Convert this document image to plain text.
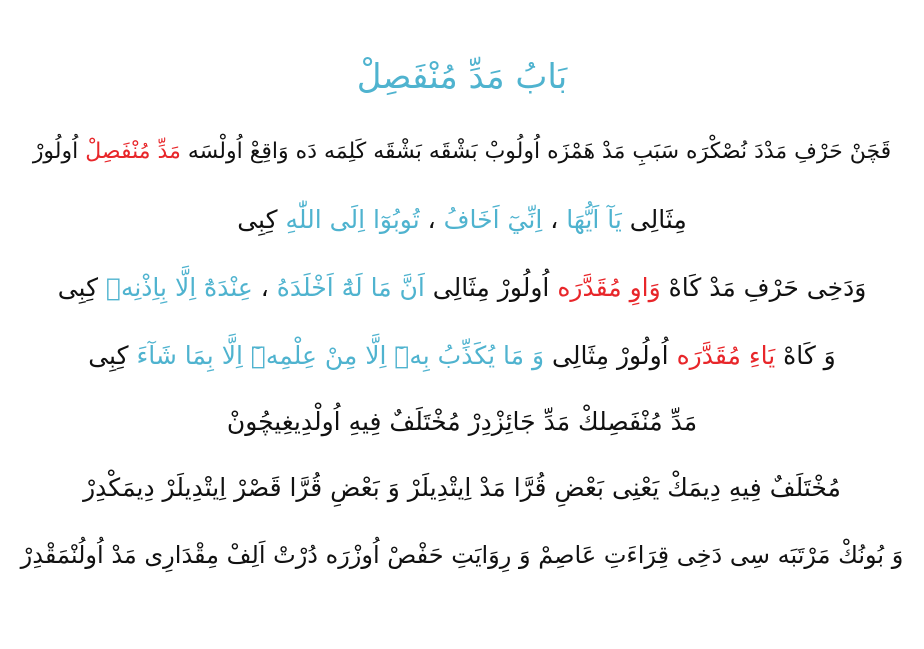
بَابُ مَدِّ مُنْفَصِلْ
قَچَنْ حَرْفِ مَدْدَ نُصْكْرَه سَبَبِ مَدْ هَمْزَه اُولُوبْ بَشْقَه بَشْقَه كَلِمَه دَه وَاقِعْ اُولْسَه مَدِّ مُنْفَصِلْ اُولُورْ
مِثَالِى يَآ اَيُّهَا ، اِنِّيٓ اَخَافُ ، تُوبُوٓا اِلَى اللّٰهِ كِبِى
وَدَخِى حَرْفِ مَدْ كَاهْ وَاوِ مُقَدَّرَه اُولُورْ مِثَالِى اَنَّ مَا لَهُٓ اَخْلَدَهُ ، عِنْدَهُٓ اِلَّا بِاِذْنِهٖ كِبِى
وَ كَاهْ يَاءِ مُقَدَّرَه اُولُورْ مِثَالِى وَ مَا يُكَذِّبُ بِهٖٓ اِلَّا مِنْ عِلْمِهٖٓ اِلَّا بِمَا شَآءَ كِبِى
مَدِّ مُنْفَصِلكْ مَدِّ جَائِزْدِرْ مُخْتَلَفٌ فِيهِ اُولْدِيغِيچُونْ
مُخْتَلَفٌ فِيهِ دِيمَكْ يَعْنِى بَعْضِ قُرَّا مَدْ اِيتْدِيلَرْ وَ بَعْضِ قُرَّا قَصْرْ اِيتْدِيلَرْ دِيمَكْدِرْ
وَ بُونُكْ مَرْتَبَه سِى دَخِى قِرَاءَتِ عَاصِمْ وَ رِوَايَتِ حَفْصْ اُوزْرَه دُرْتْ اَلِفْ مِقْدَارِى مَدْ اُولُنْمَقْدِرْ
